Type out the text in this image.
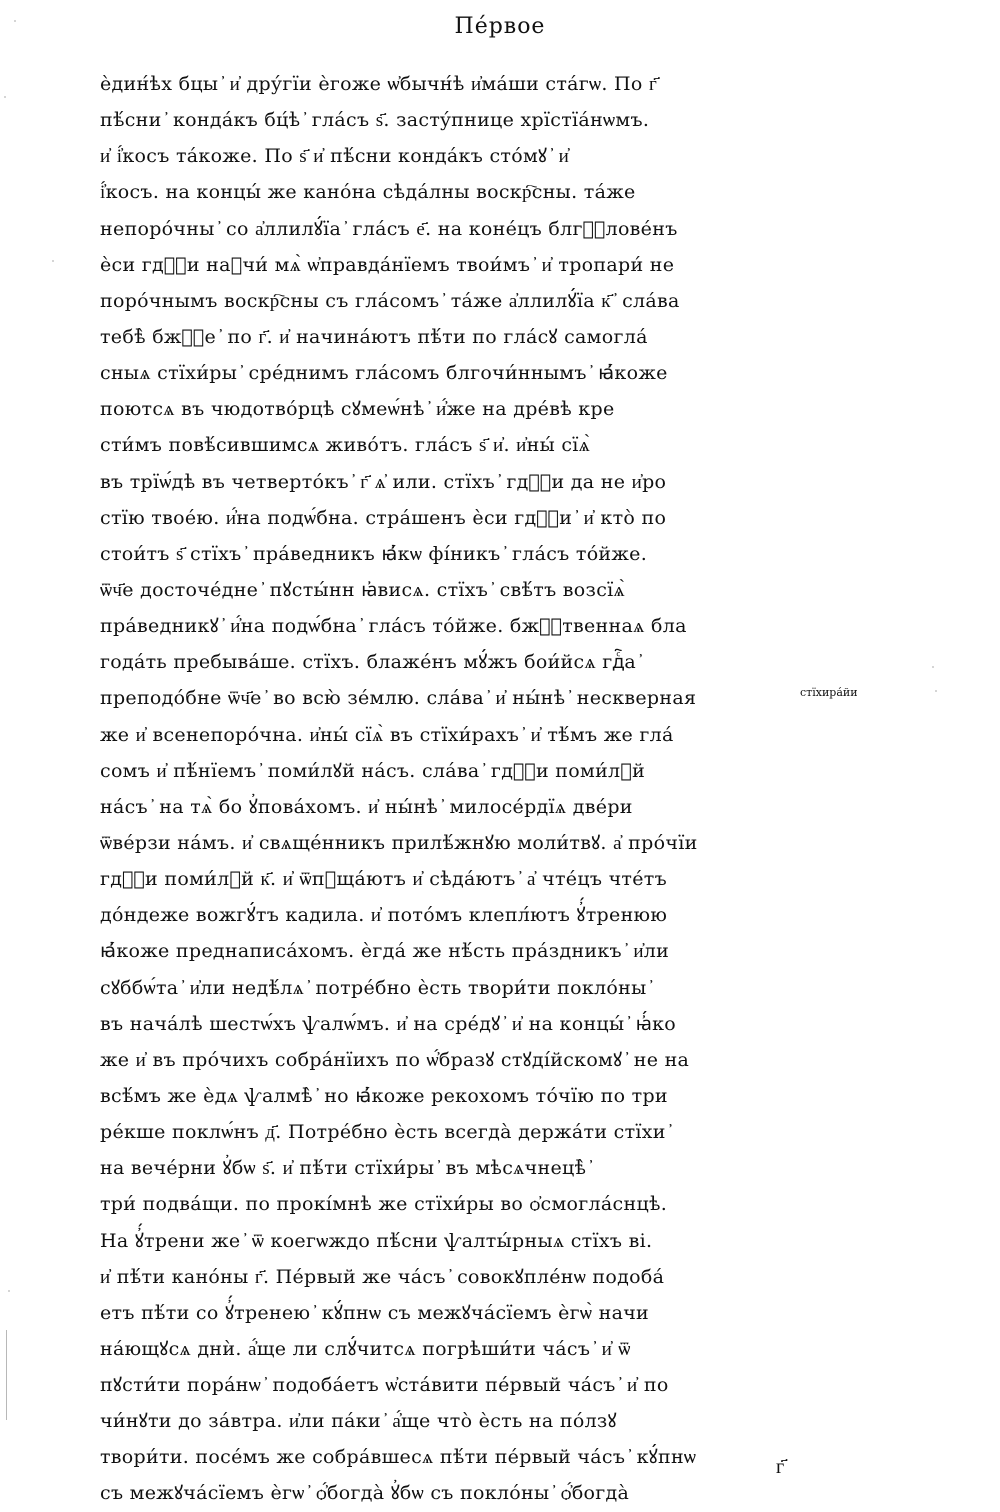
Пе́рвое
ѐдин́ѣх бцы ҆ и҆ дру́гїи ѐгоже ѡ҆бычн́ѣ и҆мáши стáгѡ. По г҃
пѣ́сни ҆ кондáкъ бц́ѣ ҆ глáсъ ѕ҃. застýпнице хрїстїáнѡмъ.
и҆ і҆́косъ тáкоже. По ѕ҃ и҆ пѣ́сни кондáкъ стóмꙋ ҆ и҆
і҆́косъ. на концы́ же канóна сѣдáлны воскр҇сны. тáже
непорóчны ҆ со а҆ллилꙋ́їа ҆ глáсъ е҃. на конéцъ блгⷭ҇ловéнъ
ѐси гдⷭ҇и наꙋчи́ мѧ̀ ѡ҆правдáнїемъ твои́мъ ҆ и҆ тропари́ не
порóчнымъ воскр҇сны съ глáсомъ ҆ тáже а҆ллилꙋ́їа к҃ ҆ слáва
тебѣ̀ бжⷭ҇е ҆ по г҃. и҆ начинáютъ пѣ́ти по глáсꙋ самоглá
сныѧ стїхи́ры ҆ срéднимъ глáсомъ блгочи́ннымъ ҆ ꙗ҆́коже
поютсѧ въ чюдотвóрцѣ сꙋмеѡ́нѣ ҆ и҆́же на дрéвѣ кре
сти́мъ повѣ́сившимсѧ живóтъ. глáсъ ѕ҃ и҆. и҆ны́ сїѧ̀
въ трїѡ́дѣ въ четвертóкъ ҆ г҃ ѧ҆ или. стїхъ ҆ гдⷭ҇и да не и҆ро
стїю твоéю. и҆́на подѡ́бна. стрáшенъ ѐси гдⷭ҇и ҆ и҆ ктò по
стои́тъ ѕ҃ стїхъ ҆ прáведникъ ꙗ҆́кѡ фі́никъ ҆ глáсъ тóйже.
ѿч҃е досточе́дне ҆ пꙋсты́нн ꙗ҆висѧ. стїхъ ҆ свѣ́тъ возсїѧ̀
прáведникꙋ ҆ и҆́на подѡ́бна ҆ глáсъ тóйже. бжⷭ҇твеннаѧ бла
годáть пребывáше. стїхъ. блажéнъ мꙋ́жъ бои́йсѧ гдⷭ҇а ҆
преподóбне ѿч҃е ҆ во всю̀ зéмлю. слáва ҆ и҆ ны́нѣ ҆ нескверная
же и҆ всенепорóчна. и҆ны́ сїѧ̀ въ стїхи́рахъ ҆ и҆ тѣ́мъ же глá
сомъ и҆ пѣ́нїемъ ҆ поми́лꙋй нáсъ. слáва ҆ гдⷭ҇и поми́лꙋй
нáсъ ҆ на тѧ̀ бо ꙋ҆повáхомъ. и҆ ны́нѣ ҆ милосéрдїѧ двéри
ѿвéрзи нáмъ. и҆ свѧще́нникъ прилѣ́жнꙋю моли́твꙋ. а҆ прóчїи
гдⷭ҇и поми́лꙋй к҃. и҆ ѿпꙋщáютъ и҆ сѣдáютъ ҆ а҆ чтéцъ чтéтъ
дóндеже вожгꙋ́тъ кадила. и҆ потóмъ клепл́ютъ ꙋ҆́тренюю
ꙗ҆́коже преднаписáхомъ. ѐгдá же нѣ́сть прáздникъ ҆ и҆ли
сꙋббѡ́та ҆ и҆ли недѣ́лѧ ҆ потрéбно ѐсть твори́ти поклóны ҆
въ начáлѣ шестѡ́хъ ѱалѡ́мъ. и҆ на срéдꙋ ҆ и҆ на концы́ ҆ ꙗ҆́ко
же и҆ въ прóчихъ собрáнїихъ по ѡ҆́бразꙋ стꙋдíйскомꙋ ҆ не на
всѣ́мъ же ѐдѧ ѱалмѣ̀ ҆ но ꙗ҆́коже рекохомъ тóчїю по три
рéкше поклѡ́нъ д҃. Потрéбно ѐсть всегдà держáти стїхи ҆
на вечéрни ꙋ҆бѡ ѕ҃. и҆ пѣ́ти стїхи́ры ҆ въ мѣсѧчнецѣ̀ ҆
три́ подвáщи. по прокíмнѣ же стїхи́ры во ѻ҆смогла́снцѣ.
На ꙋ҆́трени же ҆ ѿ коегѡждо пѣ́сни ѱалты́рныѧ стїхъ ві.
и҆ пѣ́ти канóны г҃. Пéрвый же чáсъ ҆ совокꙋплéнѡ подобá
етъ пѣ́ти со ꙋ҆́тренею ҆ кꙋ́пнѡ съ межꙋчáсїемъ ѐгѡ̀ начи
нáющꙋсѧ днѝ. а҆́ще ли слꙋ́читсѧ погрѣши́ти чáсъ ҆ и҆ ѿ
пꙋсти́ти порáнѡ ҆ подобáетъ ѡ҆стáвити пéрвый чáсъ ҆ и҆ по
чи́нꙋти до зáвтра. и҆ли пáки ҆ а҆́ще чтò ѐсть на пóлзꙋ
твори́ти. посéмъ же собрáвшесѧ пѣ́ти пéрвый чáсъ ҆ кꙋ́пнѡ
съ межꙋчáсїемъ ѐгѡ ҆ ѻ҆́богдà ꙋ҆бѡ съ поклóны ҆ ѻ҆́богдà
стїхира́йи
г҃
